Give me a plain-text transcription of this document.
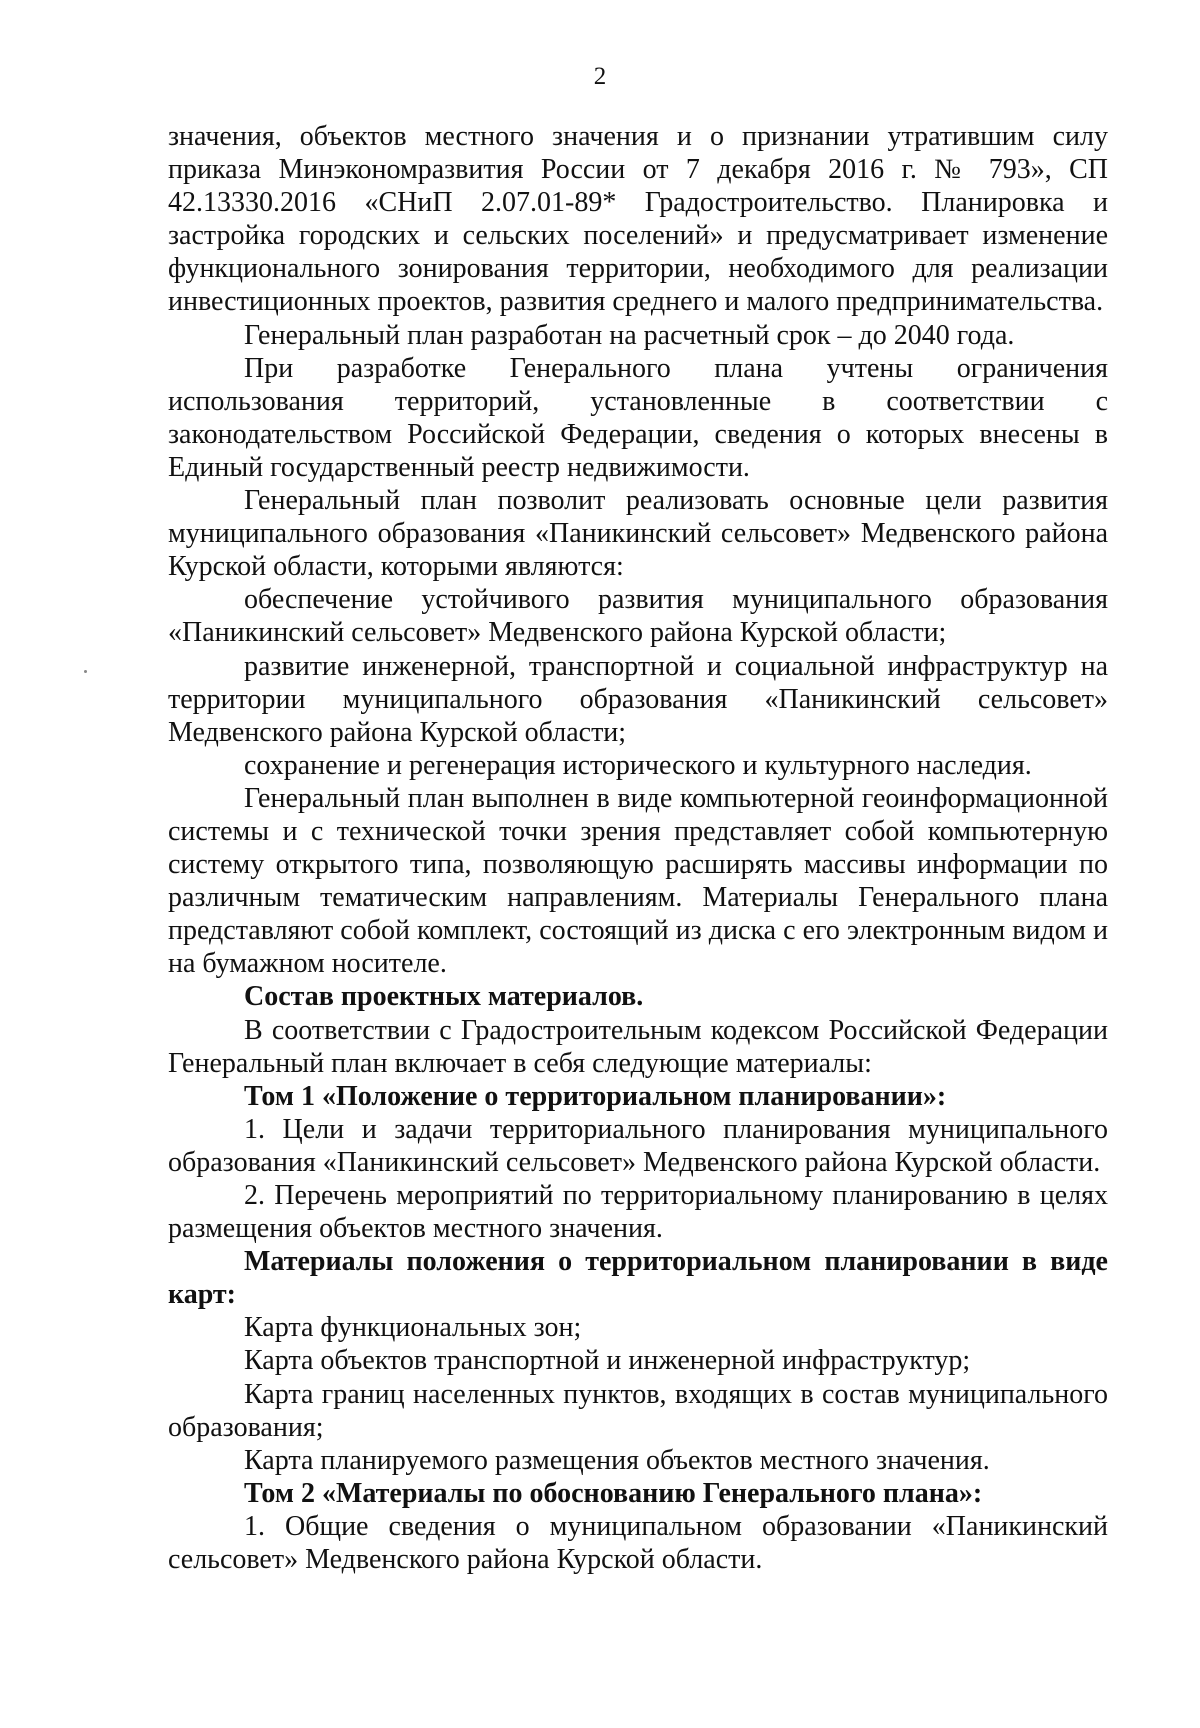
2

значения, объектов местного значения и о признании утратившим силу приказа Минэкономразвития России от 7 декабря 2016 г. № 793», СП 42.13330.2016 «СНиП 2.07.01-89* Градостроительство. Планировка и застройка городских и сельских поселений» и предусматривает изменение функционального зонирования территории, необходимого для реализации инвестиционных проектов, развития среднего и малого предпринимательства.

Генеральный план разработан на расчетный срок – до 2040 года.

При разработке Генерального плана учтены ограничения использования территорий, установленные в соответствии с законодательством Российской Федерации, сведения о которых внесены в Единый государственный реестр недвижимости.

Генеральный план позволит реализовать основные цели развития муниципального образования «Паникинский сельсовет» Медвенского района Курской области, которыми являются:

обеспечение устойчивого развития муниципального образования «Паникинский сельсовет» Медвенского района Курской области;

развитие инженерной, транспортной и социальной инфраструктур на территории муниципального образования «Паникинский сельсовет» Медвенского района Курской области;

сохранение и регенерация исторического и культурного наследия.

Генеральный план выполнен в виде компьютерной геоинформационной системы и с технической точки зрения представляет собой компьютерную систему открытого типа, позволяющую расширять массивы информации по различным тематическим направлениям. Материалы Генерального плана представляют собой комплект, состоящий из диска с его электронным видом и на бумажном носителе.

Состав проектных материалов.

В соответствии с Градостроительным кодексом Российской Федерации Генеральный план включает в себя следующие материалы:

Том 1 «Положение о территориальном планировании»:

1. Цели и задачи территориального планирования муниципального образования «Паникинский сельсовет» Медвенского района Курской области.

2. Перечень мероприятий по территориальному планированию в целях размещения объектов местного значения.

Материалы положения о территориальном планировании в виде карт:

Карта функциональных зон;

Карта объектов транспортной и инженерной инфраструктур;

Карта границ населенных пунктов, входящих в состав муниципального образования;

Карта планируемого размещения объектов местного значения.

Том 2 «Материалы по обоснованию Генерального плана»:

1. Общие сведения о муниципальном образовании «Паникинский сельсовет» Медвенского района Курской области.
